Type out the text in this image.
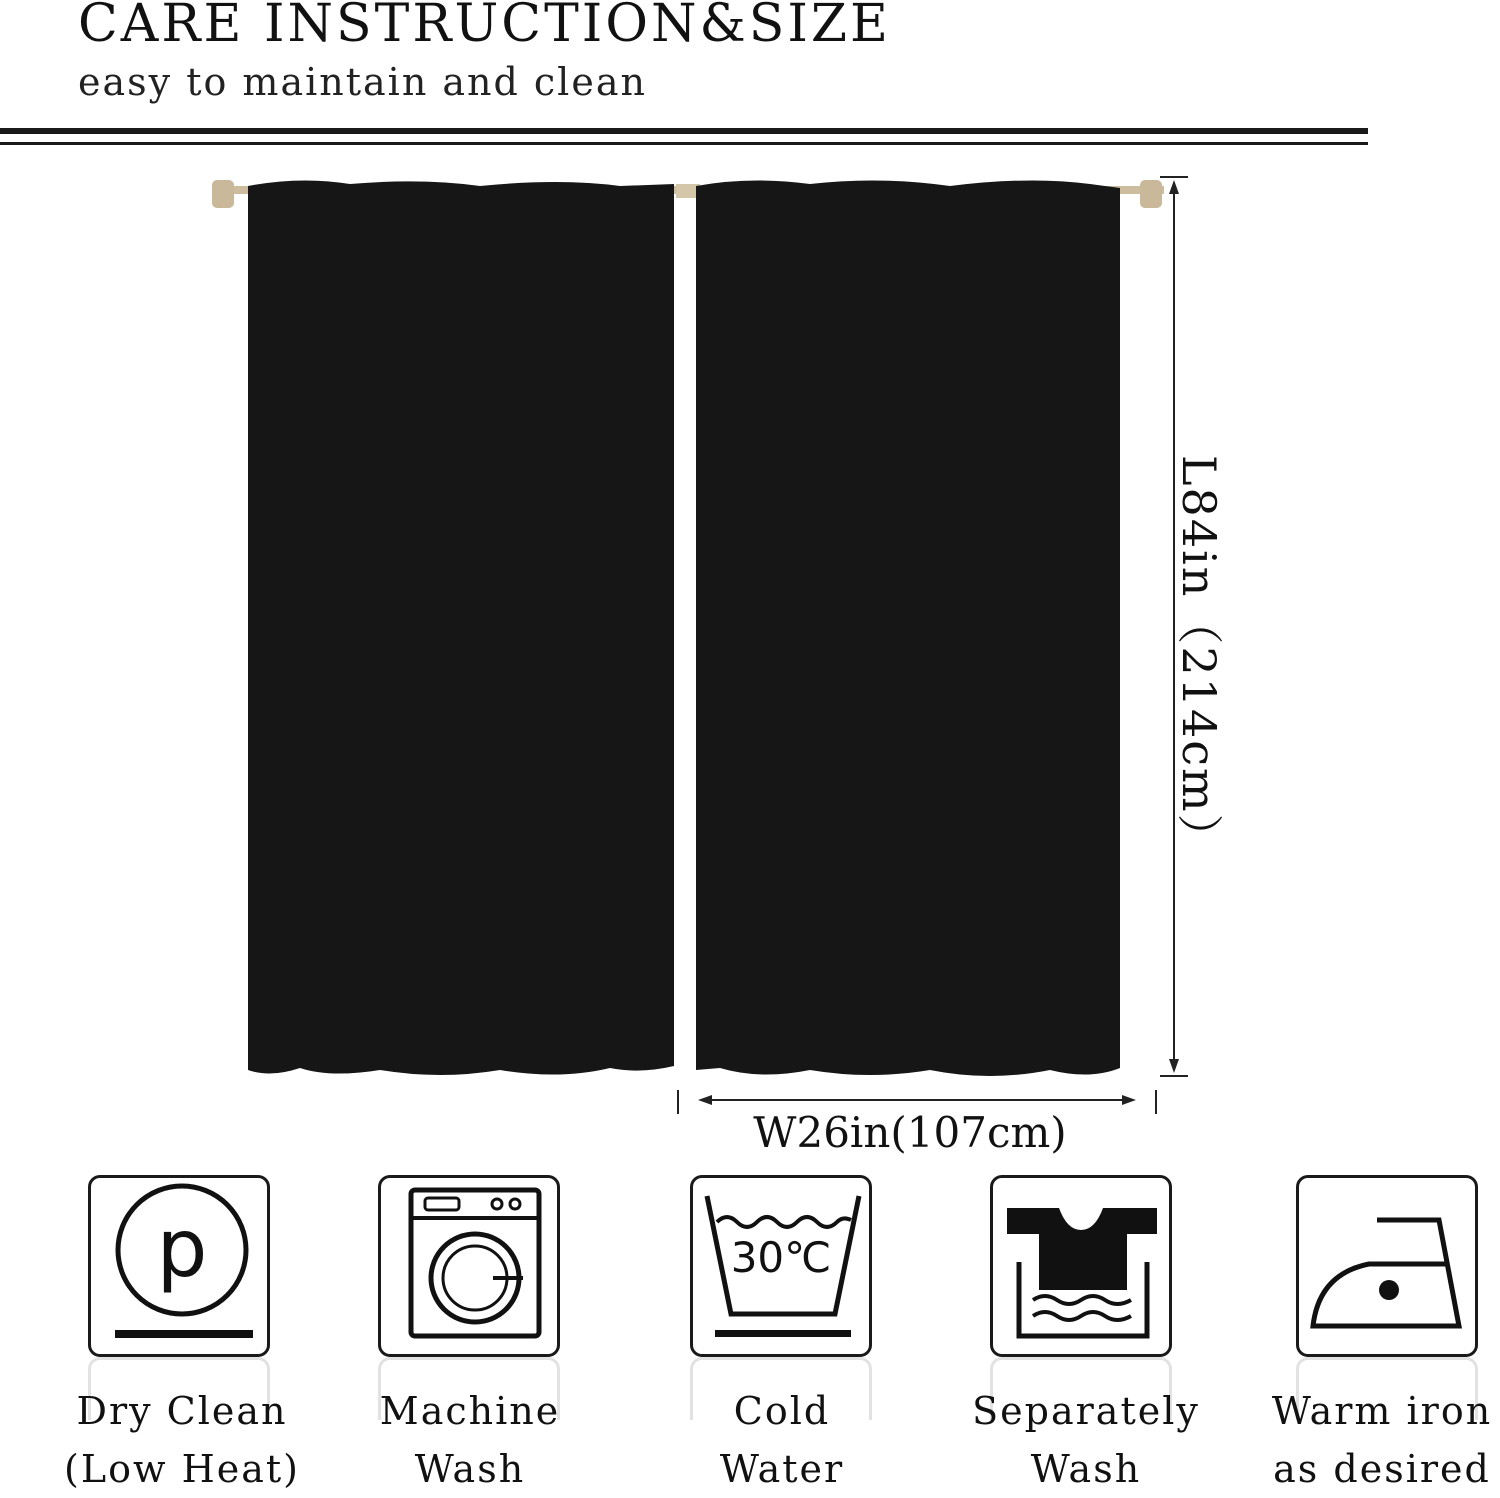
CARE INSTRUCTION&SIZE
easy to maintain and clean
L84in（214cm）
W26in(107cm)
p	30℃
Dry Clean
(Low Heat)
Machine
Wash
Cold
Water
Separately
Wash
Warm iron
as desired
